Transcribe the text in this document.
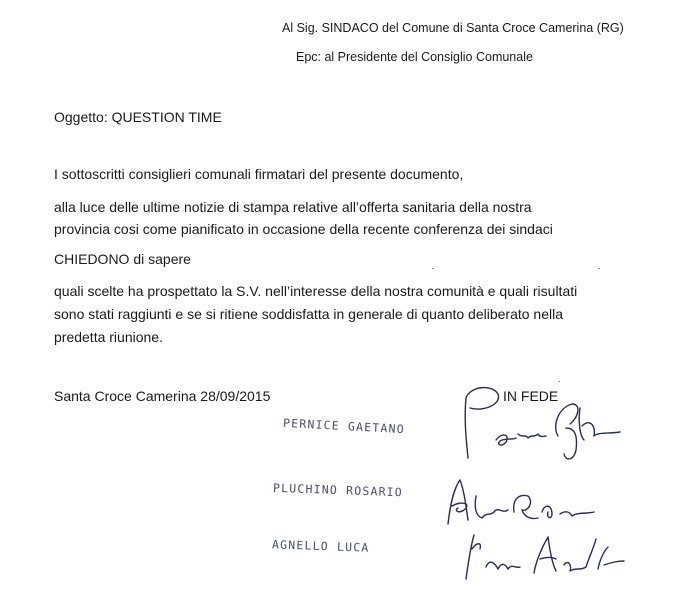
Al Sig. SINDACO del Comune di Santa Croce Camerina (RG)
Epc: al Presidente del Consiglio Comunale
Oggetto: QUESTION TIME
I sottoscritti consiglieri comunali firmatari del presente documento,
alla luce delle ultime notizie di stampa relative all’offerta sanitaria della nostra
provincia cosi come pianificato in occasione della recente conferenza dei sindaci
CHIEDONO di sapere
quali scelte ha prospettato la S.V. nell’interesse della nostra comunità e quali risultati
sono stati raggiunti e se si ritiene soddisfatta in generale di quanto deliberato nella
predetta riunione.
Santa Croce Camerina 28/09/2015	IN FEDE
PERNICE GAETANO
PLUCHINO ROSARIO
AGNELLO LUCA
